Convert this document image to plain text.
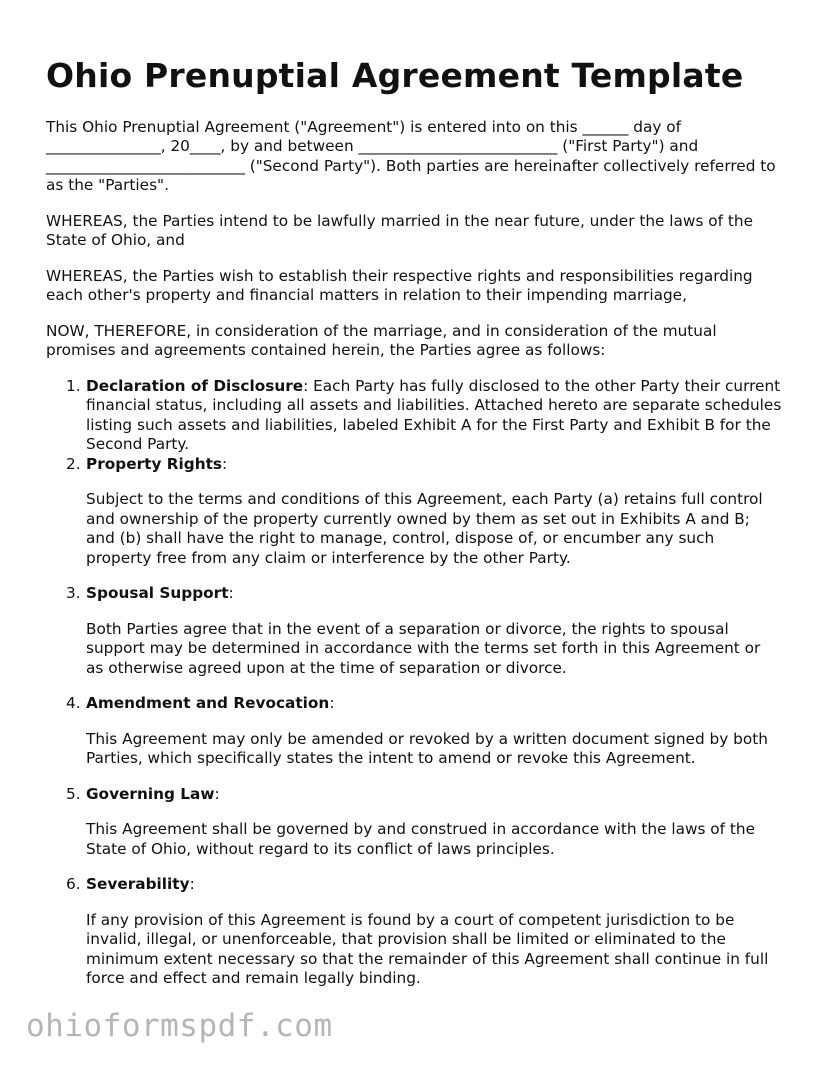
Ohio Prenuptial Agreement Template

This Ohio Prenuptial Agreement ("Agreement") is entered into on this ______ day of _______________, 20____, by and between __________________________ ("First Party") and __________________________ ("Second Party"). Both parties are hereinafter collectively referred to as the "Parties".

WHEREAS, the Parties intend to be lawfully married in the near future, under the laws of the State of Ohio, and

WHEREAS, the Parties wish to establish their respective rights and responsibilities regarding each other's property and financial matters in relation to their impending marriage,

NOW, THEREFORE, in consideration of the marriage, and in consideration of the mutual promises and agreements contained herein, the Parties agree as follows:

1. Declaration of Disclosure: Each Party has fully disclosed to the other Party their current financial status, including all assets and liabilities. Attached hereto are separate schedules listing such assets and liabilities, labeled Exhibit A for the First Party and Exhibit B for the Second Party.
2. Property Rights:

Subject to the terms and conditions of this Agreement, each Party (a) retains full control and ownership of the property currently owned by them as set out in Exhibits A and B; and (b) shall have the right to manage, control, dispose of, or encumber any such property free from any claim or interference by the other Party.

3. Spousal Support:

Both Parties agree that in the event of a separation or divorce, the rights to spousal support may be determined in accordance with the terms set forth in this Agreement or as otherwise agreed upon at the time of separation or divorce.

4. Amendment and Revocation:

This Agreement may only be amended or revoked by a written document signed by both Parties, which specifically states the intent to amend or revoke this Agreement.

5. Governing Law:

This Agreement shall be governed by and construed in accordance with the laws of the State of Ohio, without regard to its conflict of laws principles.

6. Severability:

If any provision of this Agreement is found by a court of competent jurisdiction to be invalid, illegal, or unenforceable, that provision shall be limited or eliminated to the minimum extent necessary so that the remainder of this Agreement shall continue in full force and effect and remain legally binding.

ohioformspdf.com
